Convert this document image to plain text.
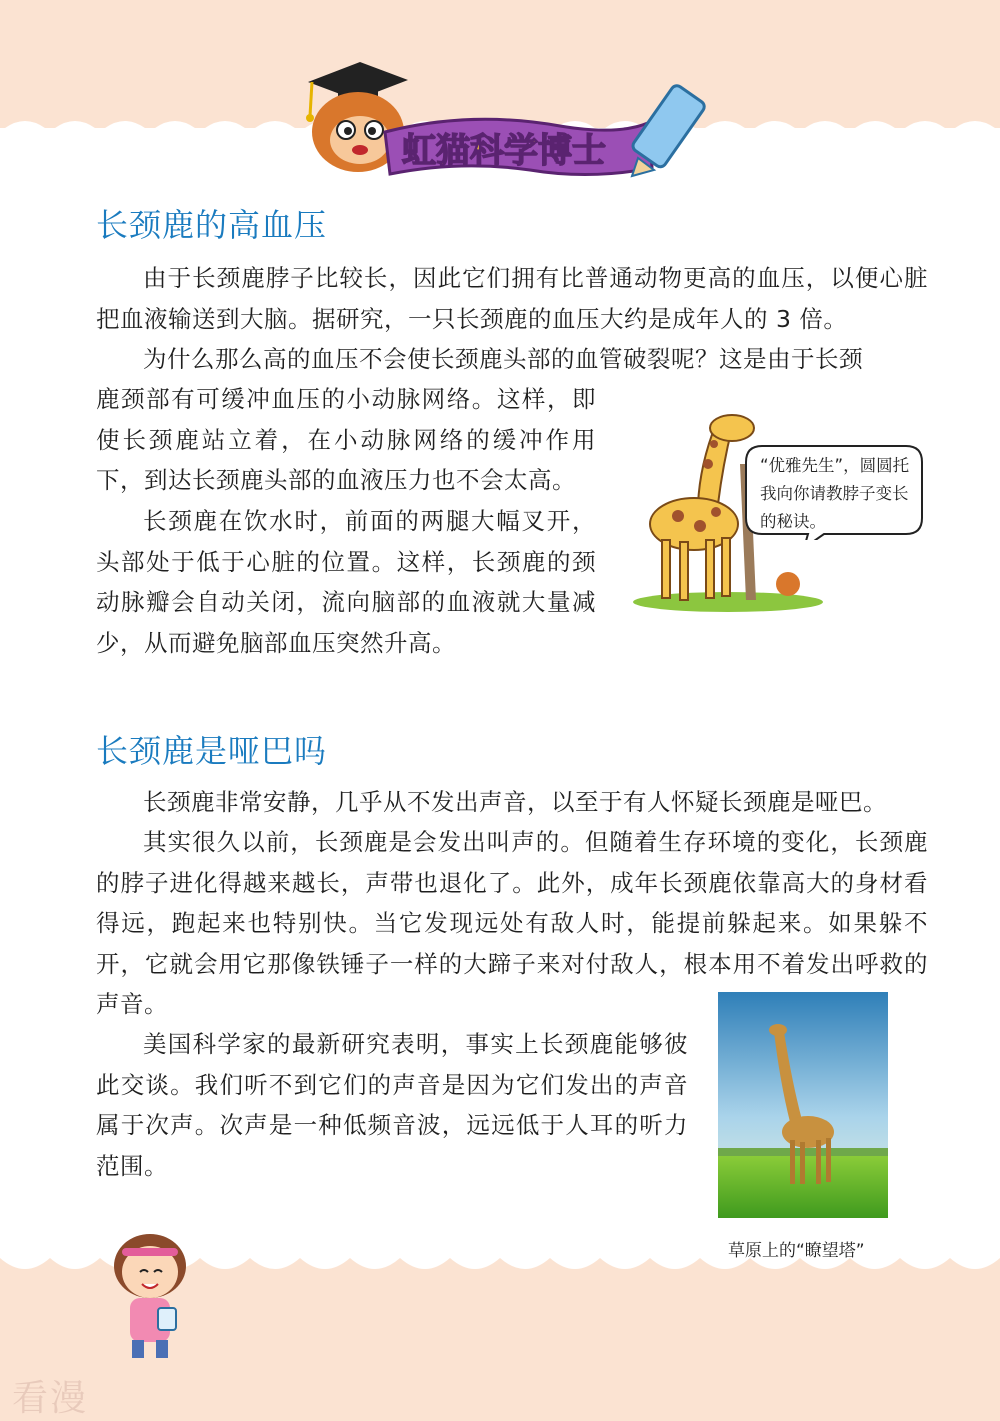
虹猫科学博士
长颈鹿的高血压

由于长颈鹿脖子比较长，因此它们拥有比普通动物更高的血压，以便心脏把血液输送到大脑。据研究，一只长颈鹿的血压大约是成年人的 3 倍。

为什么那么高的血压不会使长颈鹿头部的血管破裂呢？这是由于长颈

鹿颈部有可缓冲血压的小动脉网络。这样，即使长颈鹿站立着，在小动脉网络的缓冲作用下，到达长颈鹿头部的血液压力也不会太高。

长颈鹿在饮水时，前面的两腿大幅叉开，头部处于低于心脏的位置。这样，长颈鹿的颈动脉瓣会自动关闭，流向脑部的血液就大量减少，从而避免脑部血压突然升高。

“优雅先生”，圆圆托我向你请教脖子变长的秘诀。

长颈鹿是哑巴吗

长颈鹿非常安静，几乎从不发出声音，以至于有人怀疑长颈鹿是哑巴。

其实很久以前，长颈鹿是会发出叫声的。但随着生存环境的变化，长颈鹿的脖子进化得越来越长，声带也退化了。此外，成年长颈鹿依靠高大的身材看得远，跑起来也特别快。当它发现远处有敌人时，能提前躲起来。如果躲不开，它就会用它那像铁锤子一样的大蹄子来对付敌人，根本用不着发出呼救的声音。

美国科学家的最新研究表明，事实上长颈鹿能够彼此交谈。我们听不到它们的声音是因为它们发出的声音属于次声。次声是一种低频音波，远远低于人耳的听力范围。

草原上的“瞭望塔”

看漫
